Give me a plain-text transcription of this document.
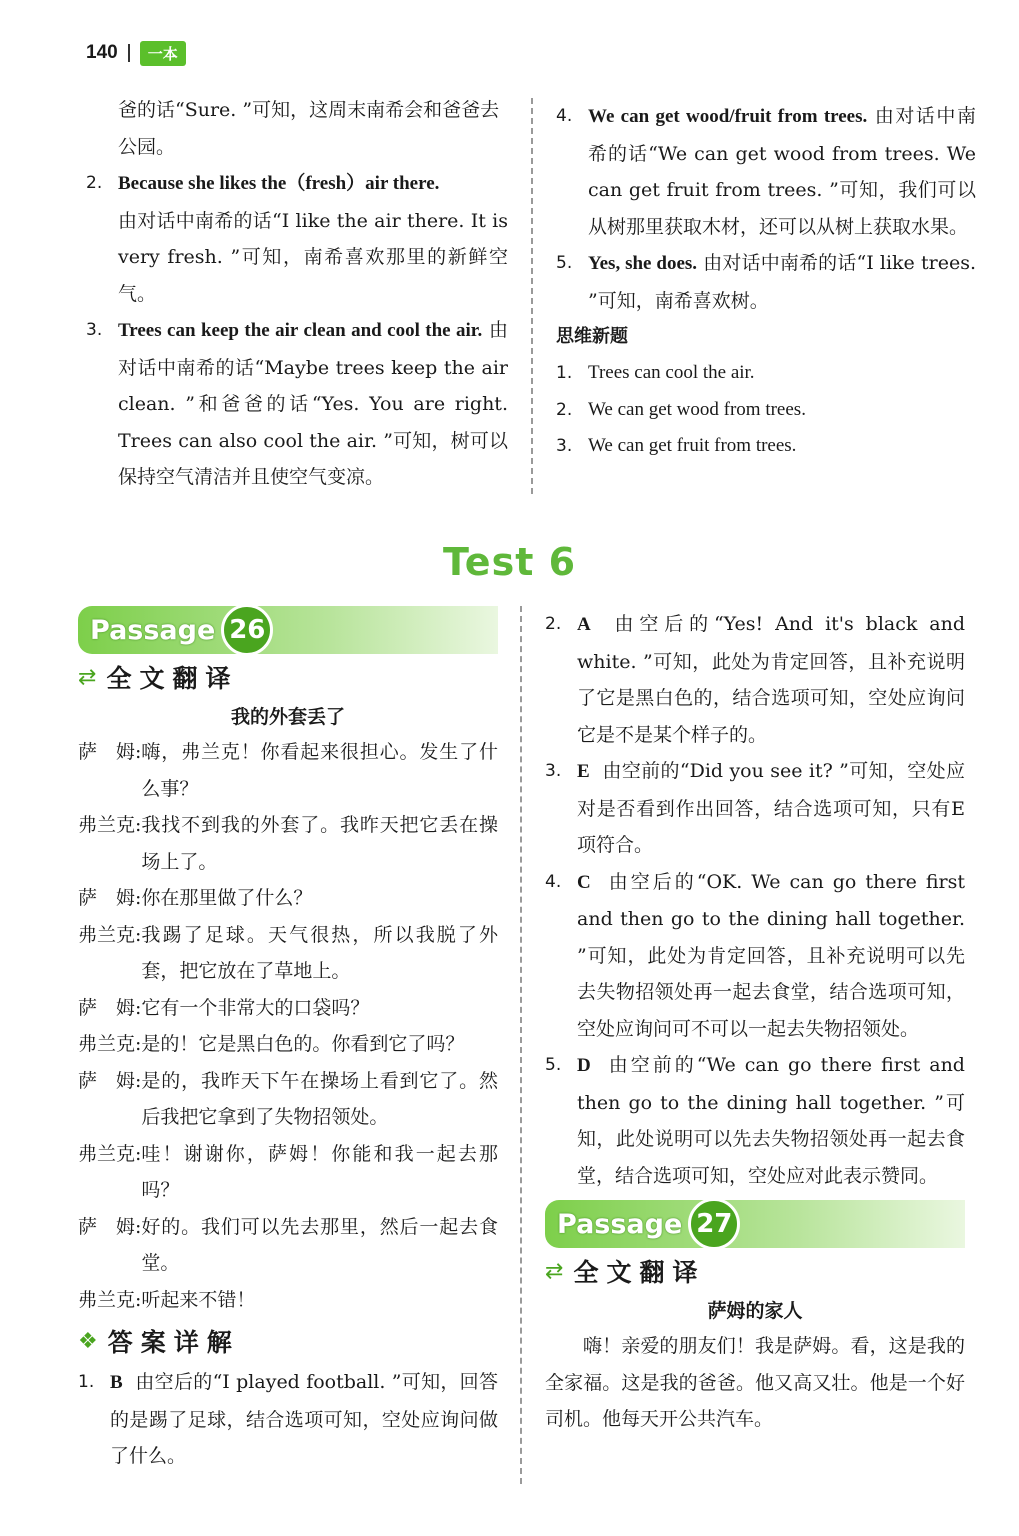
140	一本

爸的话“Sure. ”可知，这周末南希会和爸爸去公园。

2. Because she likes the（fresh）air there.
由对话中南希的话“I like the air there. It is very fresh. ”可知，南希喜欢那里的新鲜空气。
3. Trees can keep the air clean and cool the air. 由对话中南希的话“Maybe trees keep the air clean. ”和爸爸的话“Yes. You are right. Trees can also cool the air. ”可知，树可以保持空气清洁并且使空气变凉。
4. We can get wood/fruit from trees. 由对话中南希的话“We can get wood from trees. We can get fruit from trees. ”可知，我们可以从树那里获取木材，还可以从树上获取水果。
5. Yes, she does. 由对话中南希的话“I like trees. ”可知，南希喜欢树。
思维新题
1. Trees can cool the air.
2. We can get wood from trees.
3. We can get fruit from trees.
Test 6
Passage 26
⇄ 全文翻译
我的外套丢了
萨　姆: 嗨，弗兰克！你看起来很担心。发生了什么事？
弗兰克: 我找不到我的外套了。我昨天把它丢在操场上了。
萨　姆: 你在那里做了什么？
弗兰克: 我踢了足球。天气很热，所以我脱了外套，把它放在了草地上。
萨　姆: 它有一个非常大的口袋吗？
弗兰克: 是的！它是黑白色的。你看到它了吗？
萨　姆: 是的，我昨天下午在操场上看到它了。然后我把它拿到了失物招领处。
弗兰克: 哇！谢谢你，萨姆！你能和我一起去那吗？
萨　姆: 好的。我们可以先去那里，然后一起去食堂。
弗兰克: 听起来不错！
❖ 答案详解
1. B 由空后的“I played football. ”可知，回答的是踢了足球，结合选项可知，空处应询问做了什么。
2. A 由空后的“Yes! And it's black and white. ”可知，此处为肯定回答，且补充说明了它是黑白色的，结合选项可知，空处应询问它是不是某个样子的。
3. E 由空前的“Did you see it? ”可知，空处应对是否看到作出回答，结合选项可知，只有E项符合。
4. C 由空后的“OK. We can go there first and then go to the dining hall together. ”可知，此处为肯定回答，且补充说明可以先去失物招领处再一起去食堂，结合选项可知，空处应询问可不可以一起去失物招领处。
5. D 由空前的“We can go there first and then go to the dining hall together. ”可知，此处说明可以先去失物招领处再一起去食堂，结合选项可知，空处应对此表示赞同。
Passage 27
⇄ 全文翻译
萨姆的家人

嗨！亲爱的朋友们！我是萨姆。看，这是我的全家福。这是我的爸爸。他又高又壮。他是一个好司机。他每天开公共汽车。
